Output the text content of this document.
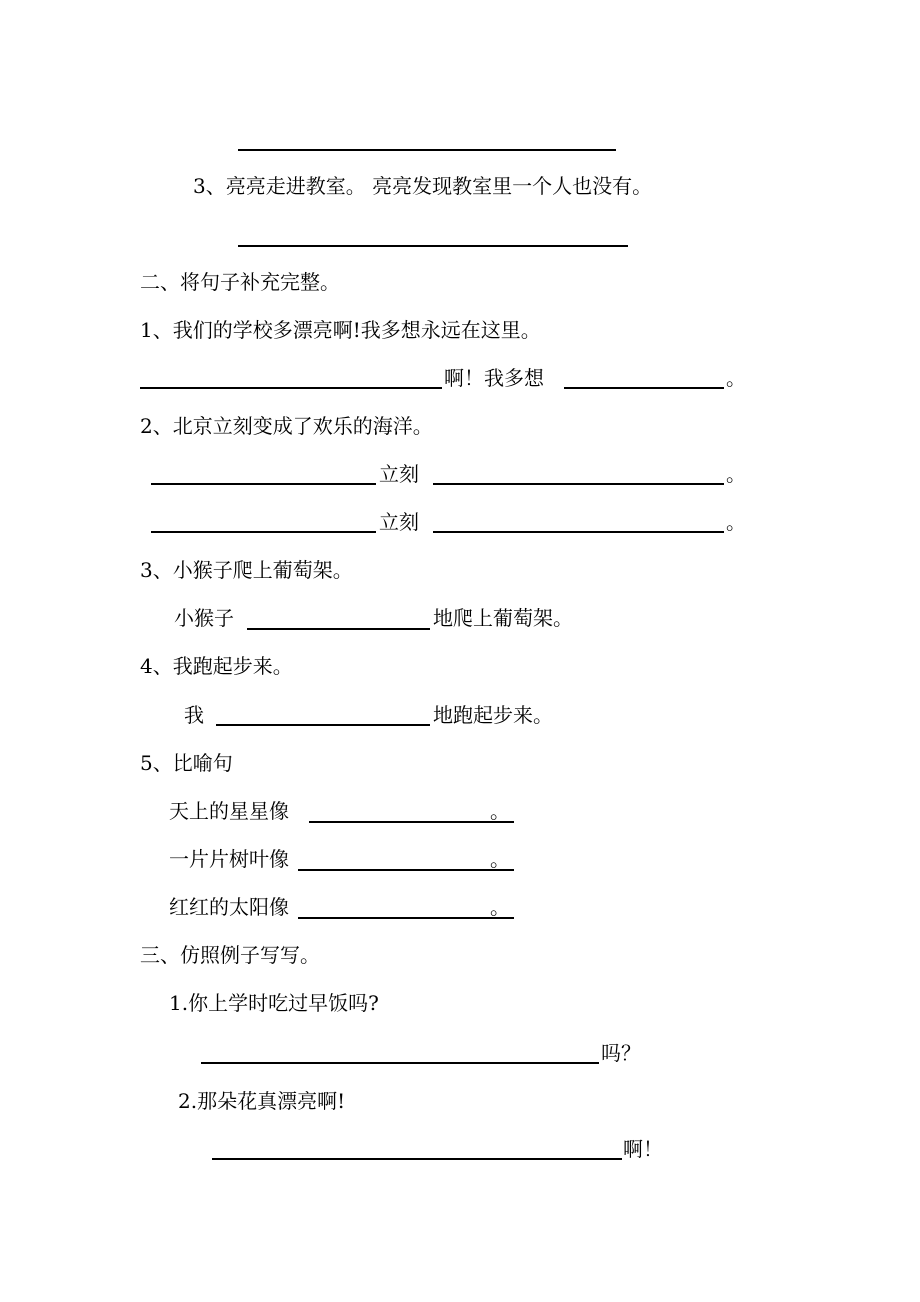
3、亮亮走进教室。 亮亮发现教室里一个人也没有。
二、将句子补充完整。
1、我们的学校多漂亮啊!我多想永远在这里。
啊！我多想	。
2、北京立刻变成了欢乐的海洋。
立刻	。
立刻	。
3、小猴子爬上葡萄架。
小猴子	地爬上葡萄架。
4、我跑起步来。
我	地跑起步来。
5、比喻句
天上的星星像	。
一片片树叶像	。
红红的太阳像	。
三、仿照例子写写。
1.你上学时吃过早饭吗?
吗？
2.那朵花真漂亮啊!
啊！
